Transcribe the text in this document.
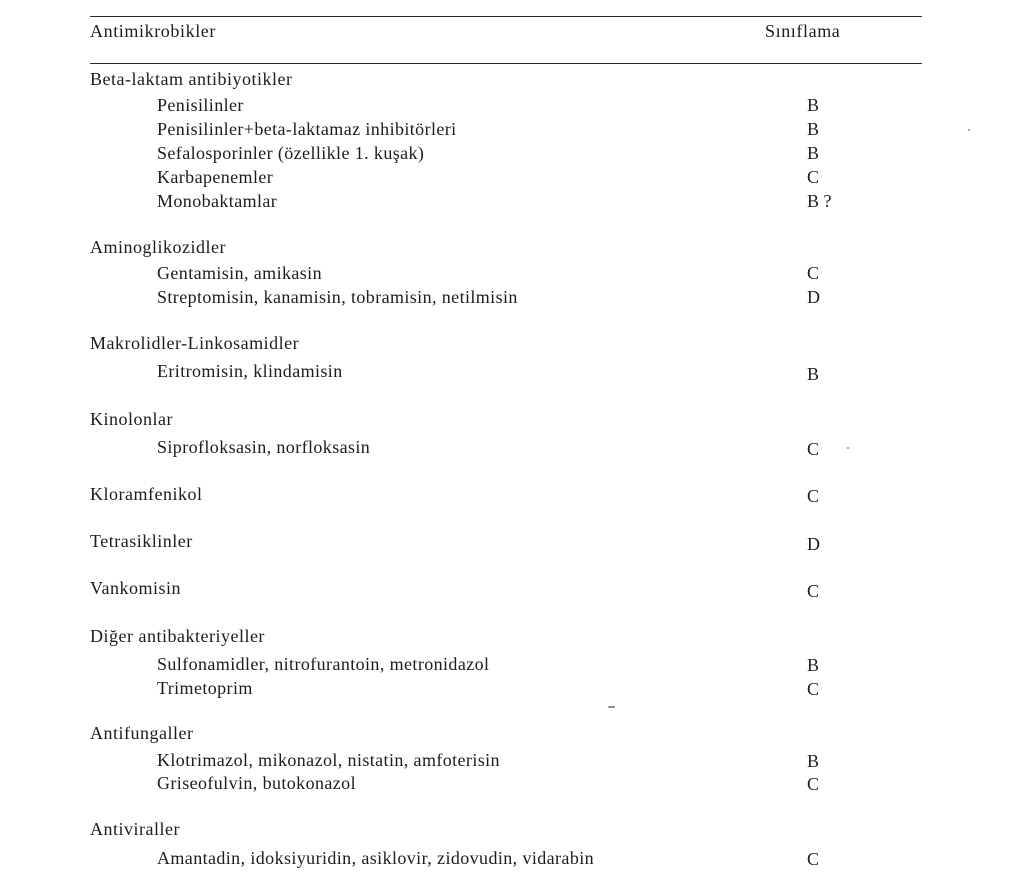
Antimikrobikler	Sınıflama
Beta-laktam antibiyotikler
Penisilinler	B
Penisilinler+beta-laktamaz inhibitörleri	B
Sefalosporinler (özellikle 1. kuşak)	B
Karbapenemler	C
Monobaktamlar	B ?
Aminoglikozidler
Gentamisin, amikasin	C
Streptomisin, kanamisin, tobramisin, netilmisin	D
Makrolidler-Linkosamidler
Eritromisin, klindamisin	B
Kinolonlar
Siprofloksasin, norfloksasin	C
Kloramfenikol	C
Tetrasiklinler	D
Vankomisin	C
Diğer antibakteriyeller
Sulfonamidler, nitrofurantoin, metronidazol	B
Trimetoprim	C
Antifungaller
Klotrimazol, mikonazol, nistatin, amfoterisin	B
Griseofulvin, butokonazol	C
Antiviraller
Amantadin, idoksiyuridin, asiklovir, zidovudin, vidarabin	C
